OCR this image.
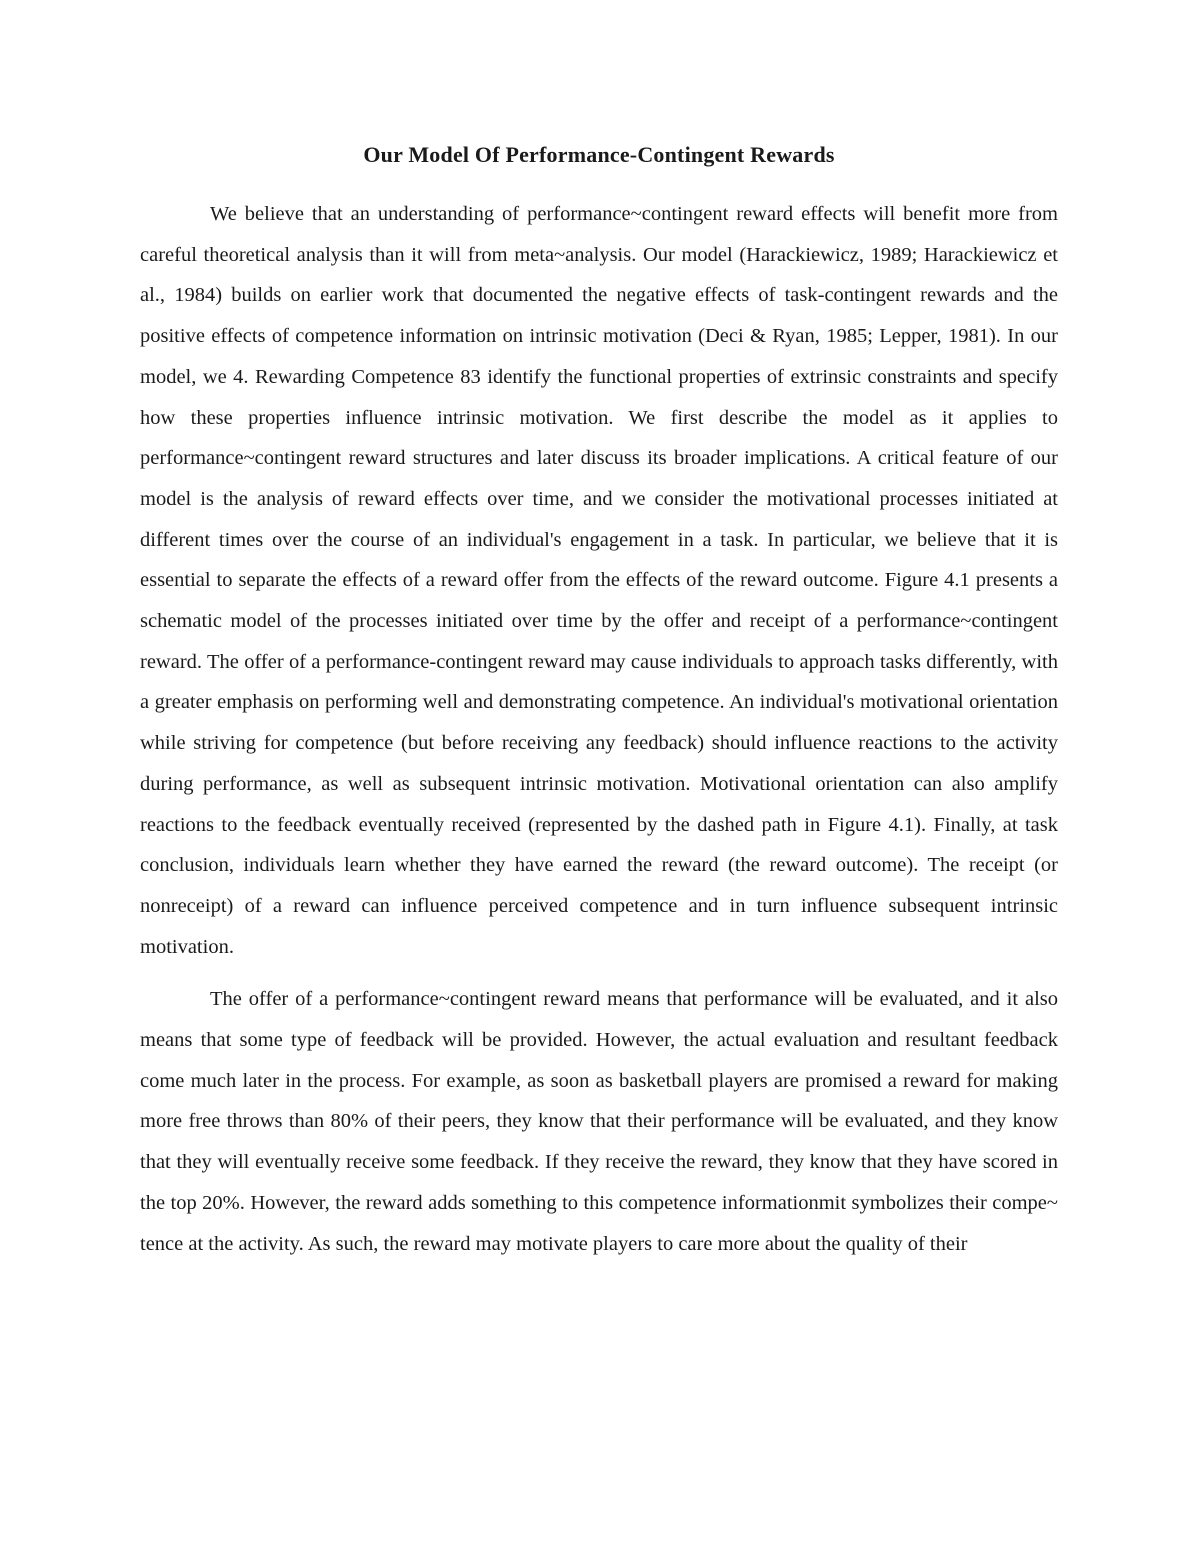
Our Model Of Performance-Contingent Rewards

We believe that an understanding of performance~contingent reward effects will benefit more from careful theoretical analysis than it will from meta~analysis. Our model (Harackiewicz, 1989; Harackiewicz et al., 1984) builds on earlier work that documented the negative effects of task-contingent rewards and the positive effects of competence information on intrinsic motivation (Deci & Ryan, 1985; Lepper, 1981). In our model, we 4. Rewarding Competence 83 identify the functional properties of extrinsic constraints and specify how these properties influence intrinsic motivation. We first describe the model as it applies to performance~contingent reward structures and later discuss its broader implications. A critical feature of our model is the analysis of reward effects over time, and we consider the motivational processes initiated at different times over the course of an individual's engagement in a task. In particular, we believe that it is essential to separate the effects of a reward offer from the effects of the reward outcome. Figure 4.1 presents a schematic model of the processes initiated over time by the offer and receipt of a performance~contingent reward. The offer of a performance-contingent reward may cause individuals to approach tasks differently, with a greater emphasis on performing well and demonstrating competence. An individual's motivational orientation while striving for competence (but before receiving any feedback) should influence reactions to the activity during performance, as well as subsequent intrinsic motivation. Motivational orientation can also amplify reactions to the feedback eventually received (represented by the dashed path in Figure 4.1). Finally, at task conclusion, individuals learn whether they have earned the reward (the reward outcome). The receipt (or nonreceipt) of a reward can influence perceived competence and in turn influence subsequent intrinsic motivation.

The offer of a performance~contingent reward means that performance will be evaluated, and it also means that some type of feedback will be provided. However, the actual evaluation and resultant feedback come much later in the process. For example, as soon as basketball players are promised a reward for making more free throws than 80% of their peers, they know that their performance will be evaluated, and they know that they will eventually receive some feedback. If they receive the reward, they know that they have scored in the top 20%. However, the reward adds something to this competence informationmit symbolizes their compe~ tence at the activity. As such, the reward may motivate players to care more about the quality of their
